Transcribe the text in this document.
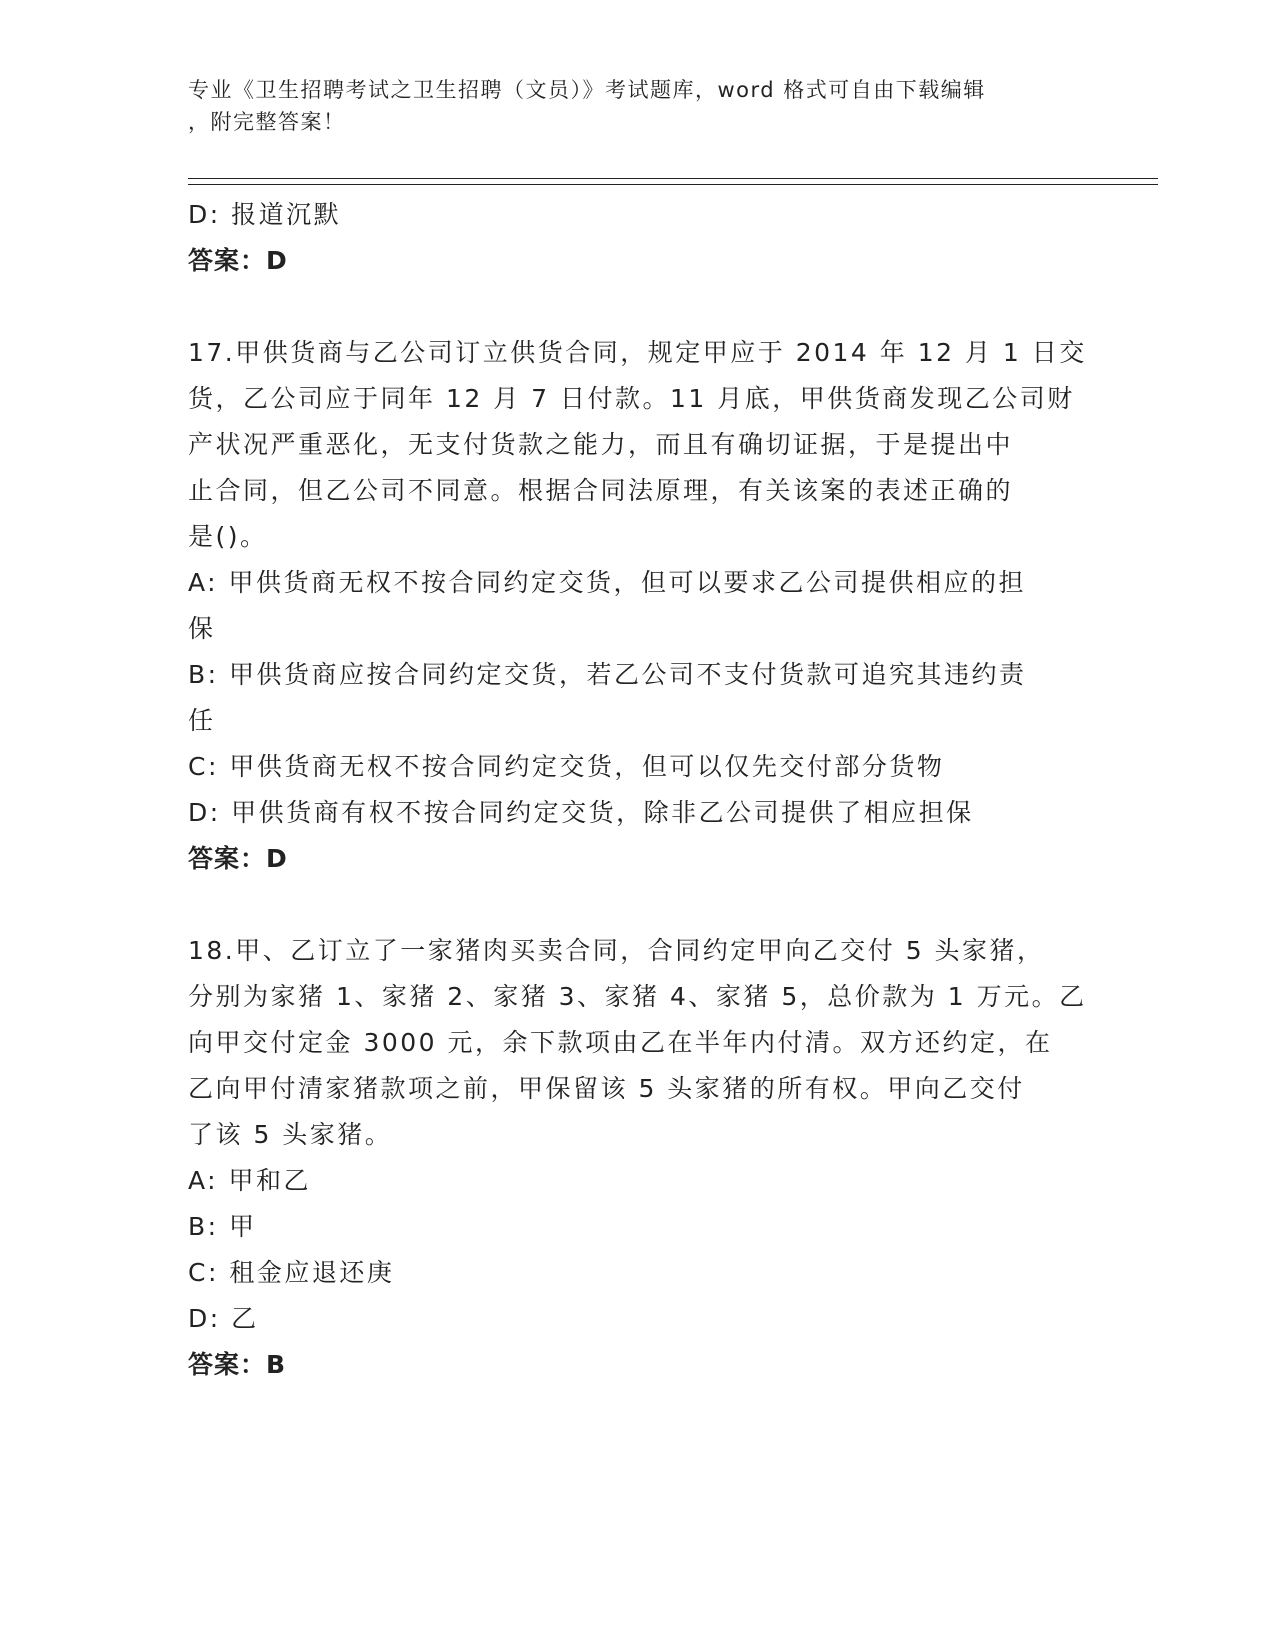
专业《卫生招聘考试之卫生招聘（文员）》考试题库，word 格式可自由下载编辑
，附完整答案！
D: 报道沉默
答案：D
17.甲供货商与乙公司订立供货合同，规定甲应于 2014 年 12 月 1 日交
货，乙公司应于同年 12 月 7 日付款。11 月底，甲供货商发现乙公司财
产状况严重恶化，无支付货款之能力，而且有确切证据，于是提出中
止合同，但乙公司不同意。根据合同法原理，有关该案的表述正确的
是()。
A: 甲供货商无权不按合同约定交货，但可以要求乙公司提供相应的担
保
B: 甲供货商应按合同约定交货，若乙公司不支付货款可追究其违约责
任
C: 甲供货商无权不按合同约定交货，但可以仅先交付部分货物
D: 甲供货商有权不按合同约定交货，除非乙公司提供了相应担保
答案：D
18.甲、乙订立了一家猪肉买卖合同，合同约定甲向乙交付 5 头家猪，
分别为家猪 1、家猪 2、家猪 3、家猪 4、家猪 5，总价款为 1 万元。乙
向甲交付定金 3000 元，余下款项由乙在半年内付清。双方还约定，在
乙向甲付清家猪款项之前，甲保留该 5 头家猪的所有权。甲向乙交付
了该 5 头家猪。
A: 甲和乙
B: 甲
C: 租金应退还庚
D: 乙
答案：B
